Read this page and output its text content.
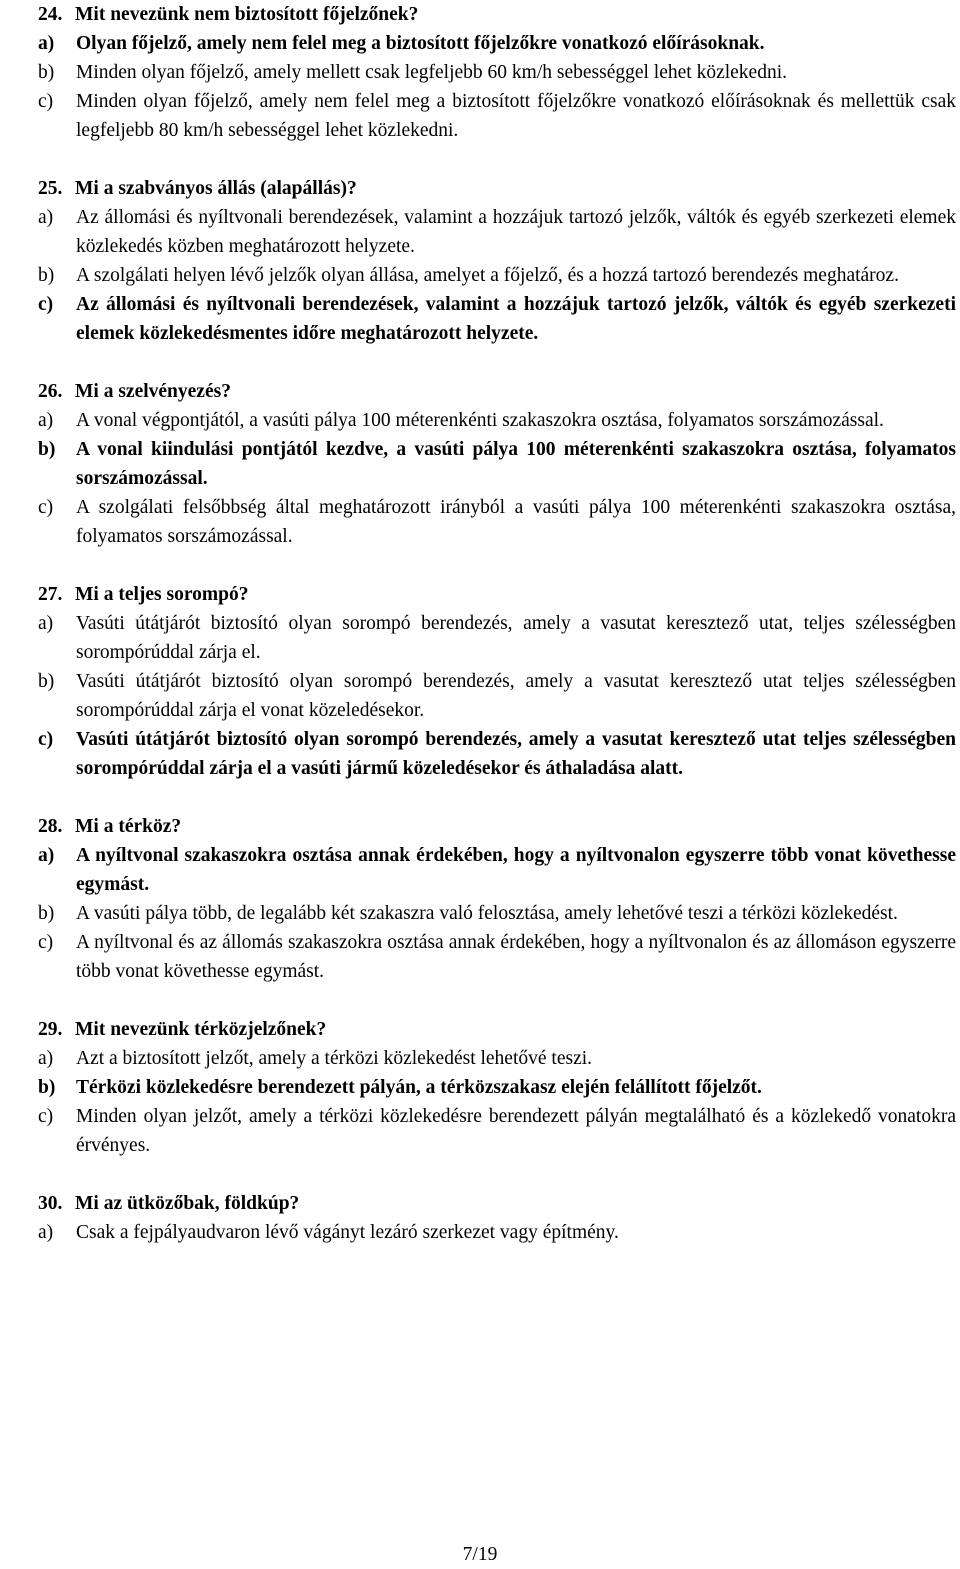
24. Mit nevezünk nem biztosított főjelzőnek?

a)	Olyan főjelző, amely nem felel meg a biztosított főjelzőkre vonatkozó előírásoknak.
b)	Minden olyan főjelző, amely mellett csak legfeljebb 60 km/h sebességgel lehet közlekedni.
c)	Minden olyan főjelző, amely nem felel meg a biztosított főjelzőkre vonatkozó előírásoknak és mellettük csak legfeljebb 80 km/h sebességgel lehet közlekedni.

25. Mi a szabványos állás (alapállás)?

a)	Az állomási és nyíltvonali berendezések, valamint a hozzájuk tartozó jelzők, váltók és egyéb szerkezeti elemek közlekedés közben meghatározott helyzete.
b)	A szolgálati helyen lévő jelzők olyan állása, amelyet a főjelző, és a hozzá tartozó berendezés meghatároz.
c)	Az állomási és nyíltvonali berendezések, valamint a hozzájuk tartozó jelzők, váltók és egyéb szerkezeti elemek közlekedésmentes időre meghatározott helyzete.

26. Mi a szelvényezés?

a)	A vonal végpontjától, a vasúti pálya 100 méterenkénti szakaszokra osztása, folyamatos sorszámozással.
b)	A vonal kiindulási pontjától kezdve, a vasúti pálya 100 méterenkénti szakaszokra osztása, folyamatos sorszámozással.
c)	A szolgálati felsőbbség által meghatározott irányból a vasúti pálya 100 méterenkénti szakaszokra osztása, folyamatos sorszámozással.

27. Mi a teljes sorompó?

a)	Vasúti útátjárót biztosító olyan sorompó berendezés, amely a vasutat keresztező utat, teljes szélességben sorompórúddal zárja el.
b)	Vasúti útátjárót biztosító olyan sorompó berendezés, amely a vasutat keresztező utat teljes szélességben sorompórúddal zárja el vonat közeledésekor.
c)	Vasúti útátjárót biztosító olyan sorompó berendezés, amely a vasutat keresztező utat teljes szélességben sorompórúddal zárja el a vasúti jármű közeledésekor és áthaladása alatt.

28. Mi a térköz?

a)	A nyíltvonal szakaszokra osztása annak érdekében, hogy a nyíltvonalon egyszerre több vonat követhesse egymást.
b)	A vasúti pálya több, de legalább két szakaszra való felosztása, amely lehetővé teszi a térközi közlekedést.
c)	A nyíltvonal és az állomás szakaszokra osztása annak érdekében, hogy a nyíltvonalon és az állomáson egyszerre több vonat követhesse egymást.

29. Mit nevezünk térközjelzőnek?

a)	Azt a biztosított jelzőt, amely a térközi közlekedést lehetővé teszi.
b)	Térközi közlekedésre berendezett pályán, a térközszakasz elején felállított főjelzőt.
c)	Minden olyan jelzőt, amely a térközi közlekedésre berendezett pályán megtalálható és a közlekedő vonatokra érvényes.

30. Mi az ütközőbak, földkúp?

a)	Csak a fejpályaudvaron lévő vágányt lezáró szerkezet vagy építmény.
7/19
